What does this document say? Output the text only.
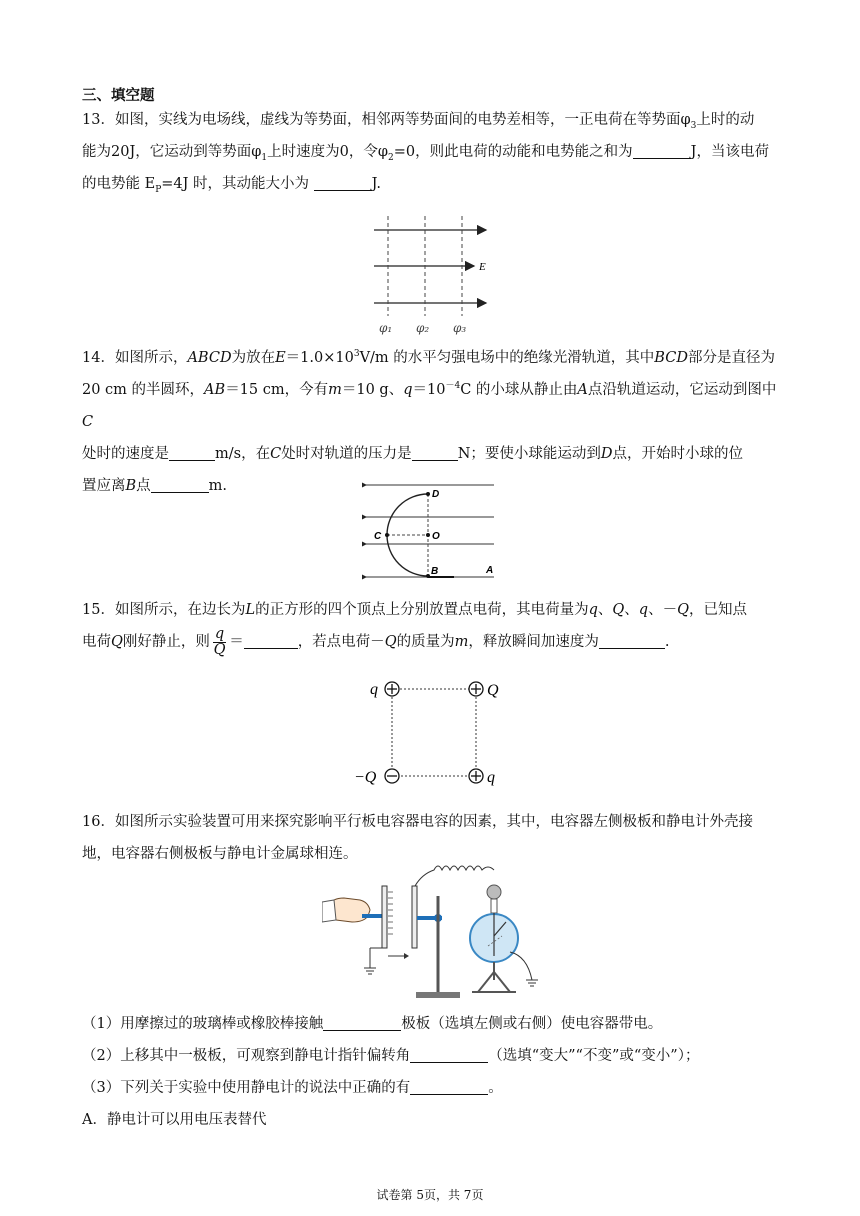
三、填空题

13．如图，实线为电场线，虚线为等势面，相邻两等势面间的电势差相等，一正电荷在等势面$\varphi_3$上时的动
能为20J，它运动到等势面$\varphi_1$上时速度为0，令$\varphi_2=0$，则此电荷的动能和电势能之和为	J，当该电荷
的电势能 $E_P=4J$ 时，其动能大小为	J.

E
φ₁ φ₂ φ₃

14．如图所示，ABCD为放在$E=1.0\times 10^3V/m$ 的水平匀强电场中的绝缘光滑轨道，其中BCD部分是直径为
20 cm 的半圆环，AB＝15 cm，今有m＝10 g、$q=10^{-4}C$ 的小球从静止由A点沿轨道运动，它运动到图中C
处时的速度是	m/s，在C处时对轨道的压力是	N；要使小球能运动到D点，开始时小球的位
置应离B点	m.

D
C	O
B	A

15．如图所示，在边长为L的正方形的四个顶点上分别放置点电荷，其电荷量为q、Q、q、－Q，已知点
电荷Q刚好静止，则 $\frac{q}{Q}$ ＝	，若点电荷－Q的质量为m，释放瞬间加速度为	.

q	Q
−Q	q

16．如图所示实验装置可用来探究影响平行板电容器电容的因素，其中，电容器左侧极板和静电计外壳接
地，电容器右侧极板与静电计金属球相连。

（1）用摩擦过的玻璃棒或橡胶棒接触	极板（选填左侧或右侧）使电容器带电。
（2）上移其中一极板，可观察到静电计指针偏转角	（选填“变大”“不变”或“变小”）；
（3）下列关于实验中使用静电计的说法中正确的有	。
A．静电计可以用电压表替代

试卷第 5页，共 7页
